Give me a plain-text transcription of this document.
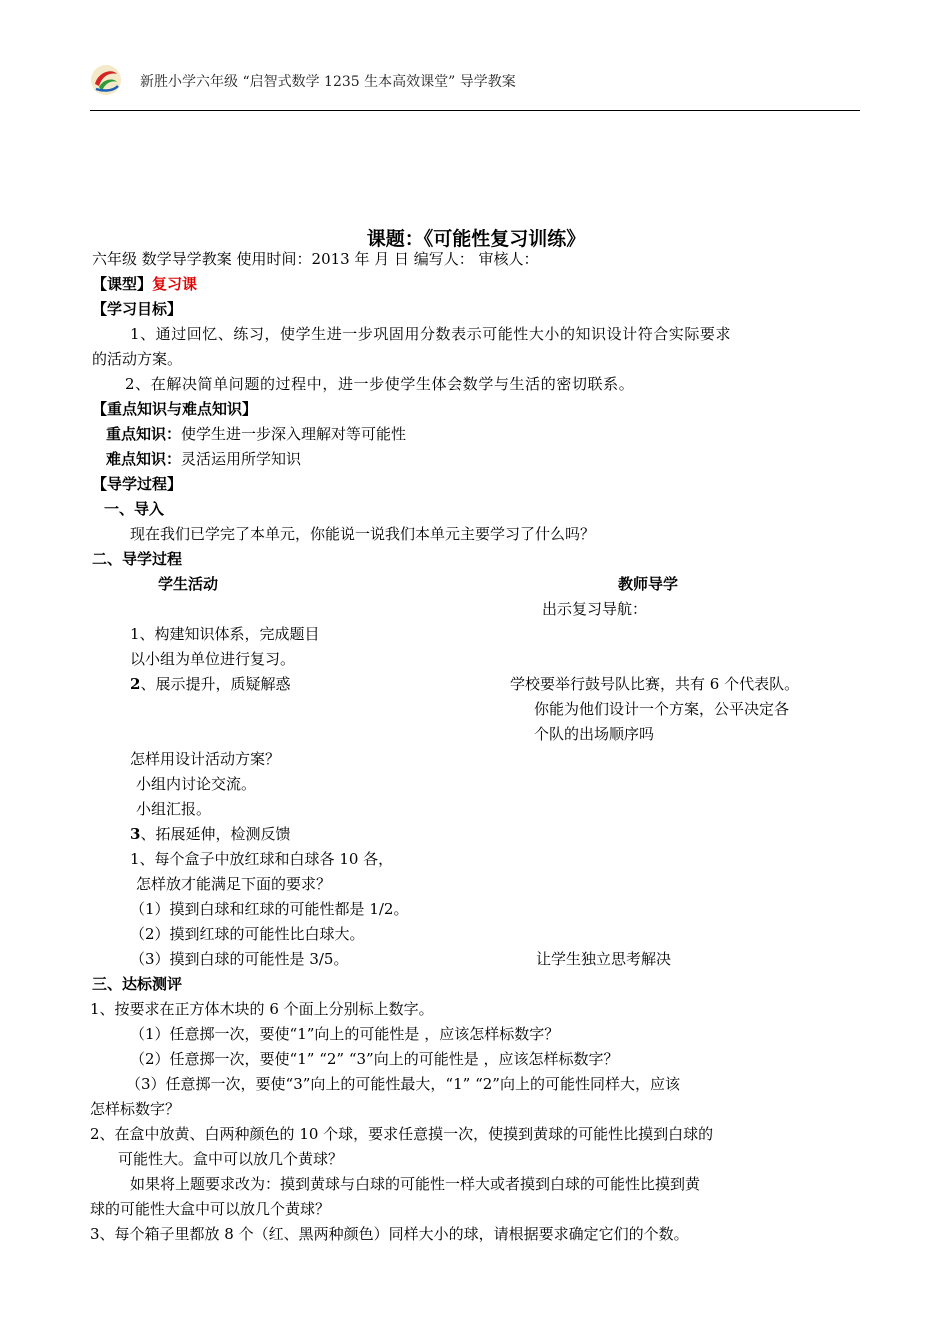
新胜小学六年级 “启智式数学 1235 生本高效课堂” 导学教案
课题：《可能性复习训练》
六年级 数学导学教案 使用时间：2013 年 月 日 编写人： 审核人：
【课型】复习课
【学习目标】
1、通过回忆、练习，使学生进一步巩固用分数表示可能性大小的知识设计符合实际要求
的活动方案。
2、在解决简单问题的过程中，进一步使学生体会数学与生活的密切联系。
【重点知识与难点知识】
重点知识：使学生进一步深入理解对等可能性
难点知识：灵活运用所学知识
【导学过程】
一、导入
现在我们已学完了本单元，你能说一说我们本单元主要学习了什么吗？
二、导学过程
学生活动	教师导学
出示复习导航：
1、构建知识体系，完成题目
以小组为单位进行复习。
2、展示提升，质疑解惑	学校要举行鼓号队比赛，共有 6 个代表队。
你能为他们设计一个方案，公平决定各
个队的出场顺序吗
怎样用设计活动方案？
小组内讨论交流。
小组汇报。
3、拓展延伸，检测反馈
1、每个盒子中放红球和白球各 10 各，
怎样放才能满足下面的要求？
（1）摸到白球和红球的可能性都是 1/2。
（2）摸到红球的可能性比白球大。
（3）摸到白球的可能性是 3/5。	让学生独立思考解决
三、达标测评
1、按要求在正方体木块的 6 个面上分别标上数字。
（1）任意掷一次，要使“1”向上的可能性是 ，应该怎样标数字？
（2）任意掷一次，要使“1” “2” “3”向上的可能性是 ，应该怎样标数字？
（3）任意掷一次，要使“3”向上的可能性最大，“1” “2”向上的可能性同样大，应该
怎样标数字？
2、在盒中放黄、白两种颜色的 10 个球，要求任意摸一次，使摸到黄球的可能性比摸到白球的
可能性大。盒中可以放几个黄球？
如果将上题要求改为：摸到黄球与白球的可能性一样大或者摸到白球的可能性比摸到黄
球的可能性大盒中可以放几个黄球？
3、每个箱子里都放 8 个（红、黑两种颜色）同样大小的球，请根据要求确定它们的个数。
